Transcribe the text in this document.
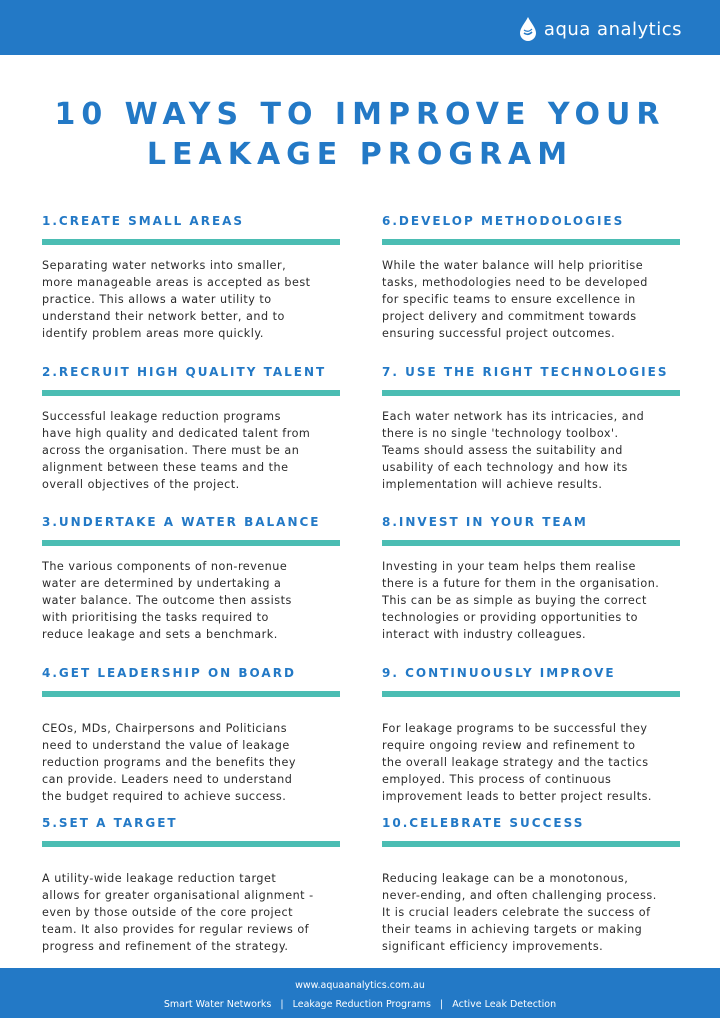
aqua analytics
10 WAYS TO IMPROVE YOUR
LEAKAGE PROGRAM
1.CREATE SMALL AREAS
Separating water networks into smaller,
more manageable areas is accepted as best
practice. This allows a water utility to
understand their network better, and to
identify problem areas more quickly.
6.DEVELOP METHODOLOGIES
While the water balance will help prioritise
tasks, methodologies need to be developed
for specific teams to ensure excellence in
project delivery and commitment towards
ensuring successful project outcomes.
2.RECRUIT HIGH QUALITY TALENT
Successful leakage reduction programs
have high quality and dedicated talent from
across the organisation. There must be an
alignment between these teams and the
overall objectives of the project.
7. USE THE RIGHT TECHNOLOGIES
Each water network has its intricacies, and
there is no single 'technology toolbox'.
Teams should assess the suitability and
usability of each technology and how its
implementation will achieve results.
3.UNDERTAKE A WATER BALANCE
The various components of non-revenue
water are determined by undertaking a
water balance. The outcome then assists
with prioritising the tasks required to
reduce leakage and sets a benchmark.
8.INVEST IN YOUR TEAM
Investing in your team helps them realise
there is a future for them in the organisation.
This can be as simple as buying the correct
technologies or providing opportunities to
interact with industry colleagues.
4.GET LEADERSHIP ON BOARD
CEOs, MDs, Chairpersons and Politicians
need to understand the value of leakage
reduction programs and the benefits they
can provide. Leaders need to understand
the budget required to achieve success.
9. CONTINUOUSLY IMPROVE
For leakage programs to be successful they
require ongoing review and refinement to
the overall leakage strategy and the tactics
employed. This process of continuous
improvement leads to better project results.
5.SET A TARGET
A utility-wide leakage reduction target
allows for greater organisational alignment -
even by those outside of the core project
team. It also provides for regular reviews of
progress and refinement of the strategy.
10.CELEBRATE SUCCESS
Reducing leakage can be a monotonous,
never-ending, and often challenging process.
It is crucial leaders celebrate the success of
their teams in achieving targets or making
significant efficiency improvements.
www.aquaanalytics.com.au
Smart Water Networks | Leakage Reduction Programs | Active Leak Detection
